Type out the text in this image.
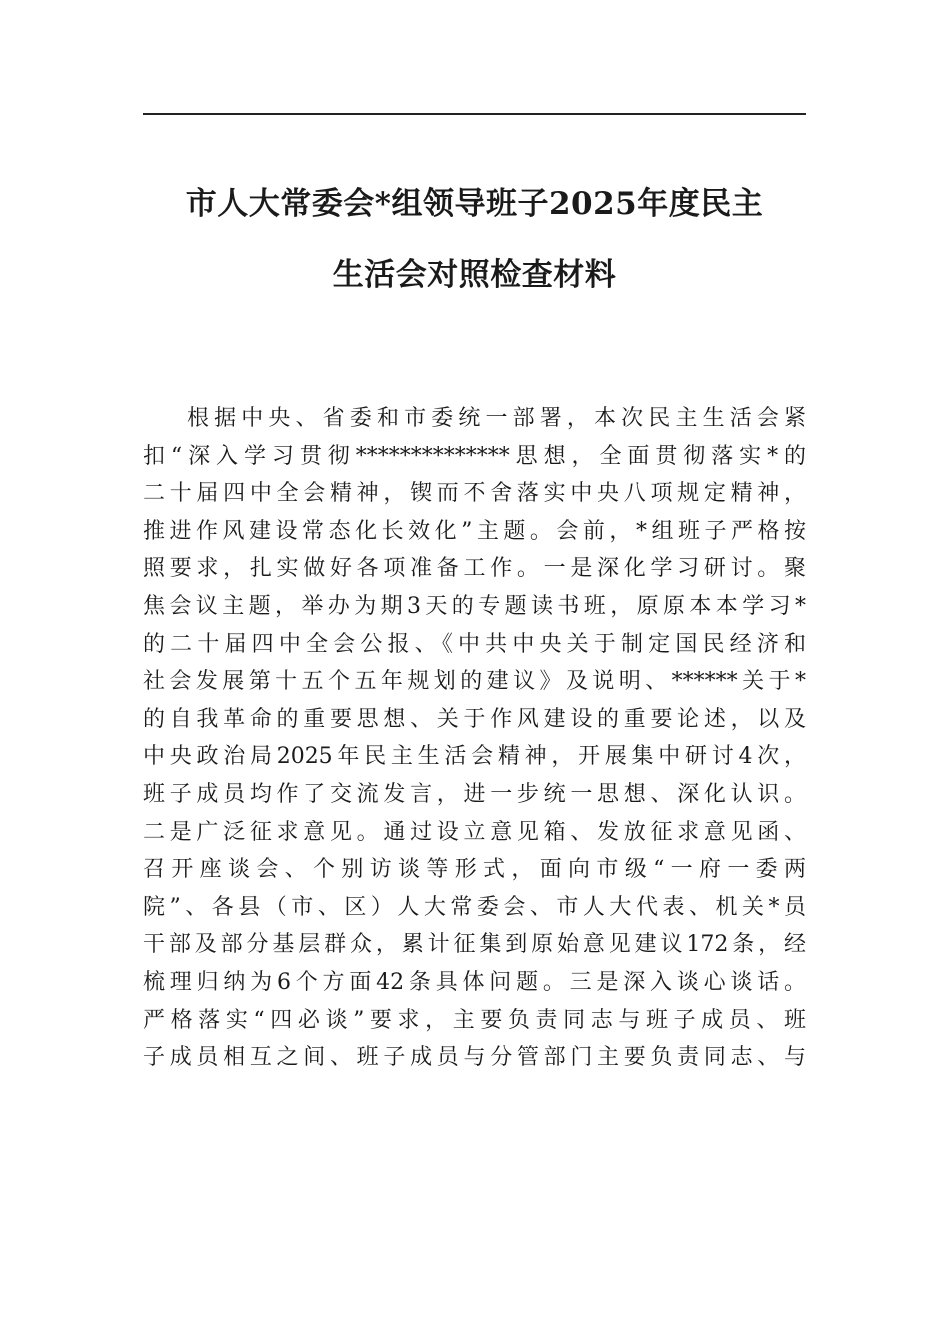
市人大常委会*组领导班子2025年度民主
生活会对照检查材料
根据中央、省委和市委统一部署，本次民主生活会紧
扣“深入学习贯彻**************思想，全面贯彻落实*的
二十届四中全会精神，锲而不舍落实中央八项规定精神，
推进作风建设常态化长效化”主题。会前，*组班子严格按
照要求，扎实做好各项准备工作。一是深化学习研讨。聚
焦会议主题，举办为期3天的专题读书班，原原本本学习*
的二十届四中全会公报、《中共中央关于制定国民经济和
社会发展第十五个五年规划的建议》及说明、******关于*
的自我革命的重要思想、关于作风建设的重要论述，以及
中央政治局2025年民主生活会精神，开展集中研讨4次，
班子成员均作了交流发言，进一步统一思想、深化认识。
二是广泛征求意见。通过设立意见箱、发放征求意见函、
召开座谈会、个别访谈等形式，面向市级“一府一委两
院”、各县（市、区）人大常委会、市人大代表、机关*员
干部及部分基层群众，累计征集到原始意见建议172条，经
梳理归纳为6个方面42条具体问题。三是深入谈心谈话。
严格落实“四必谈”要求，主要负责同志与班子成员、班
子成员相互之间、班子成员与分管部门主要负责同志、与
